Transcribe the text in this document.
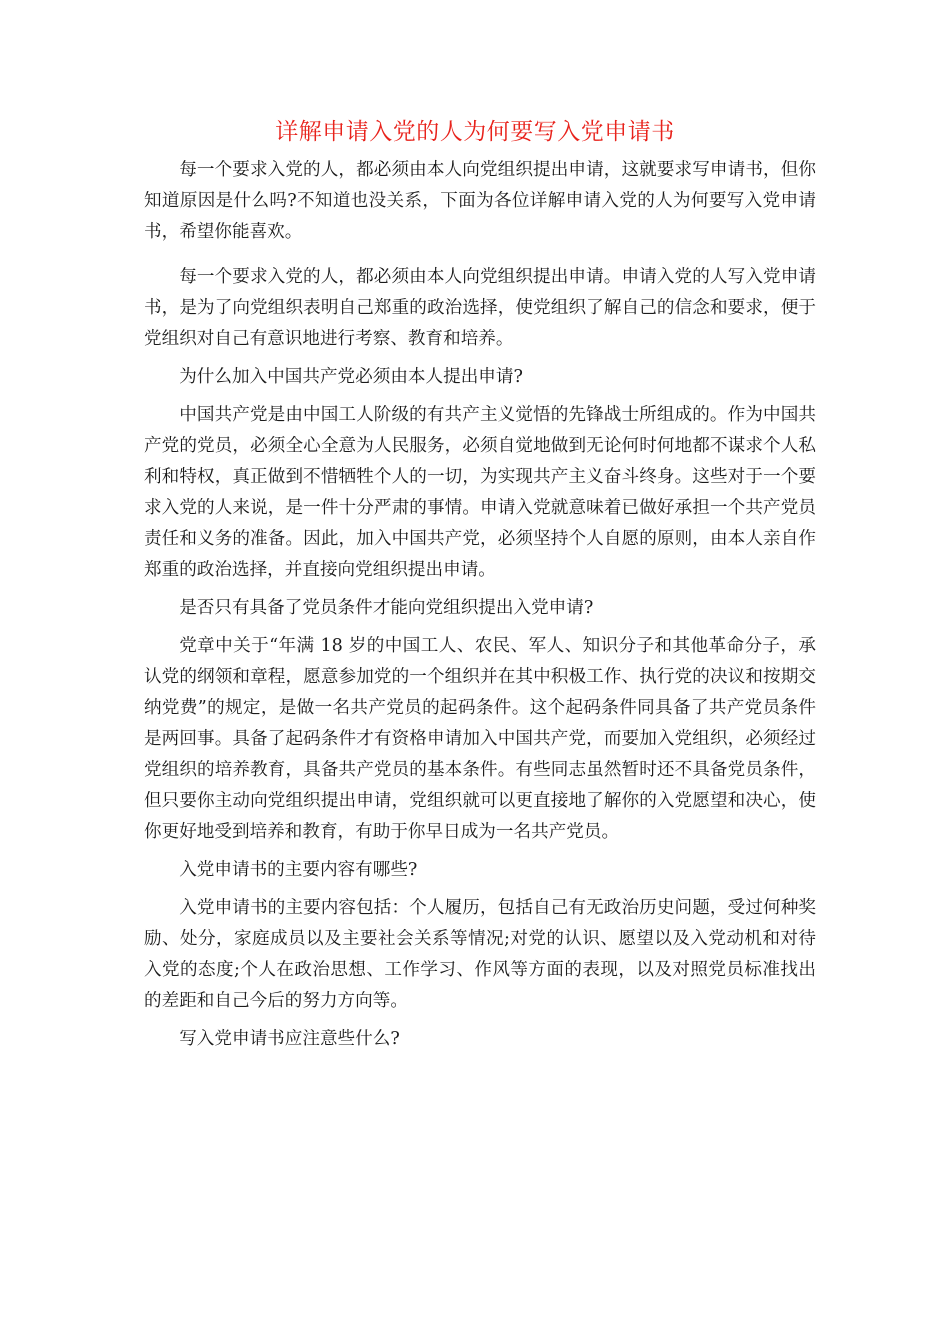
详解申请入党的人为何要写入党申请书

每一个要求入党的人，都必须由本人向党组织提出申请，这就要求写申请书，但你知道原因是什么吗?不知道也没关系，下面为各位详解申请入党的人为何要写入党申请书，希望你能喜欢。

每一个要求入党的人，都必须由本人向党组织提出申请。申请入党的人写入党申请书，是为了向党组织表明自己郑重的政治选择，使党组织了解自己的信念和要求，便于党组织对自己有意识地进行考察、教育和培养。

为什么加入中国共产党必须由本人提出申请?

中国共产党是由中国工人阶级的有共产主义觉悟的先锋战士所组成的。作为中国共产党的党员，必须全心全意为人民服务，必须自觉地做到无论何时何地都不谋求个人私利和特权，真正做到不惜牺牲个人的一切，为实现共产主义奋斗终身。这些对于一个要求入党的人来说，是一件十分严肃的事情。申请入党就意味着已做好承担一个共产党员责任和义务的准备。因此，加入中国共产党，必须坚持个人自愿的原则，由本人亲自作郑重的政治选择，并直接向党组织提出申请。

是否只有具备了党员条件才能向党组织提出入党申请?

党章中关于“年满 18 岁的中国工人、农民、军人、知识分子和其他革命分子，承认党的纲领和章程，愿意参加党的一个组织并在其中积极工作、执行党的决议和按期交纳党费”的规定，是做一名共产党员的起码条件。这个起码条件同具备了共产党员条件是两回事。具备了起码条件才有资格申请加入中国共产党，而要加入党组织，必须经过党组织的培养教育，具备共产党员的基本条件。有些同志虽然暂时还不具备党员条件，但只要你主动向党组织提出申请，党组织就可以更直接地了解你的入党愿望和决心，使你更好地受到培养和教育，有助于你早日成为一名共产党员。

入党申请书的主要内容有哪些?

入党申请书的主要内容包括：个人履历，包括自己有无政治历史问题，受过何种奖励、处分，家庭成员以及主要社会关系等情况;对党的认识、愿望以及入党动机和对待入党的态度;个人在政治思想、工作学习、作风等方面的表现，以及对照党员标准找出的差距和自己今后的努力方向等。

写入党申请书应注意些什么?
